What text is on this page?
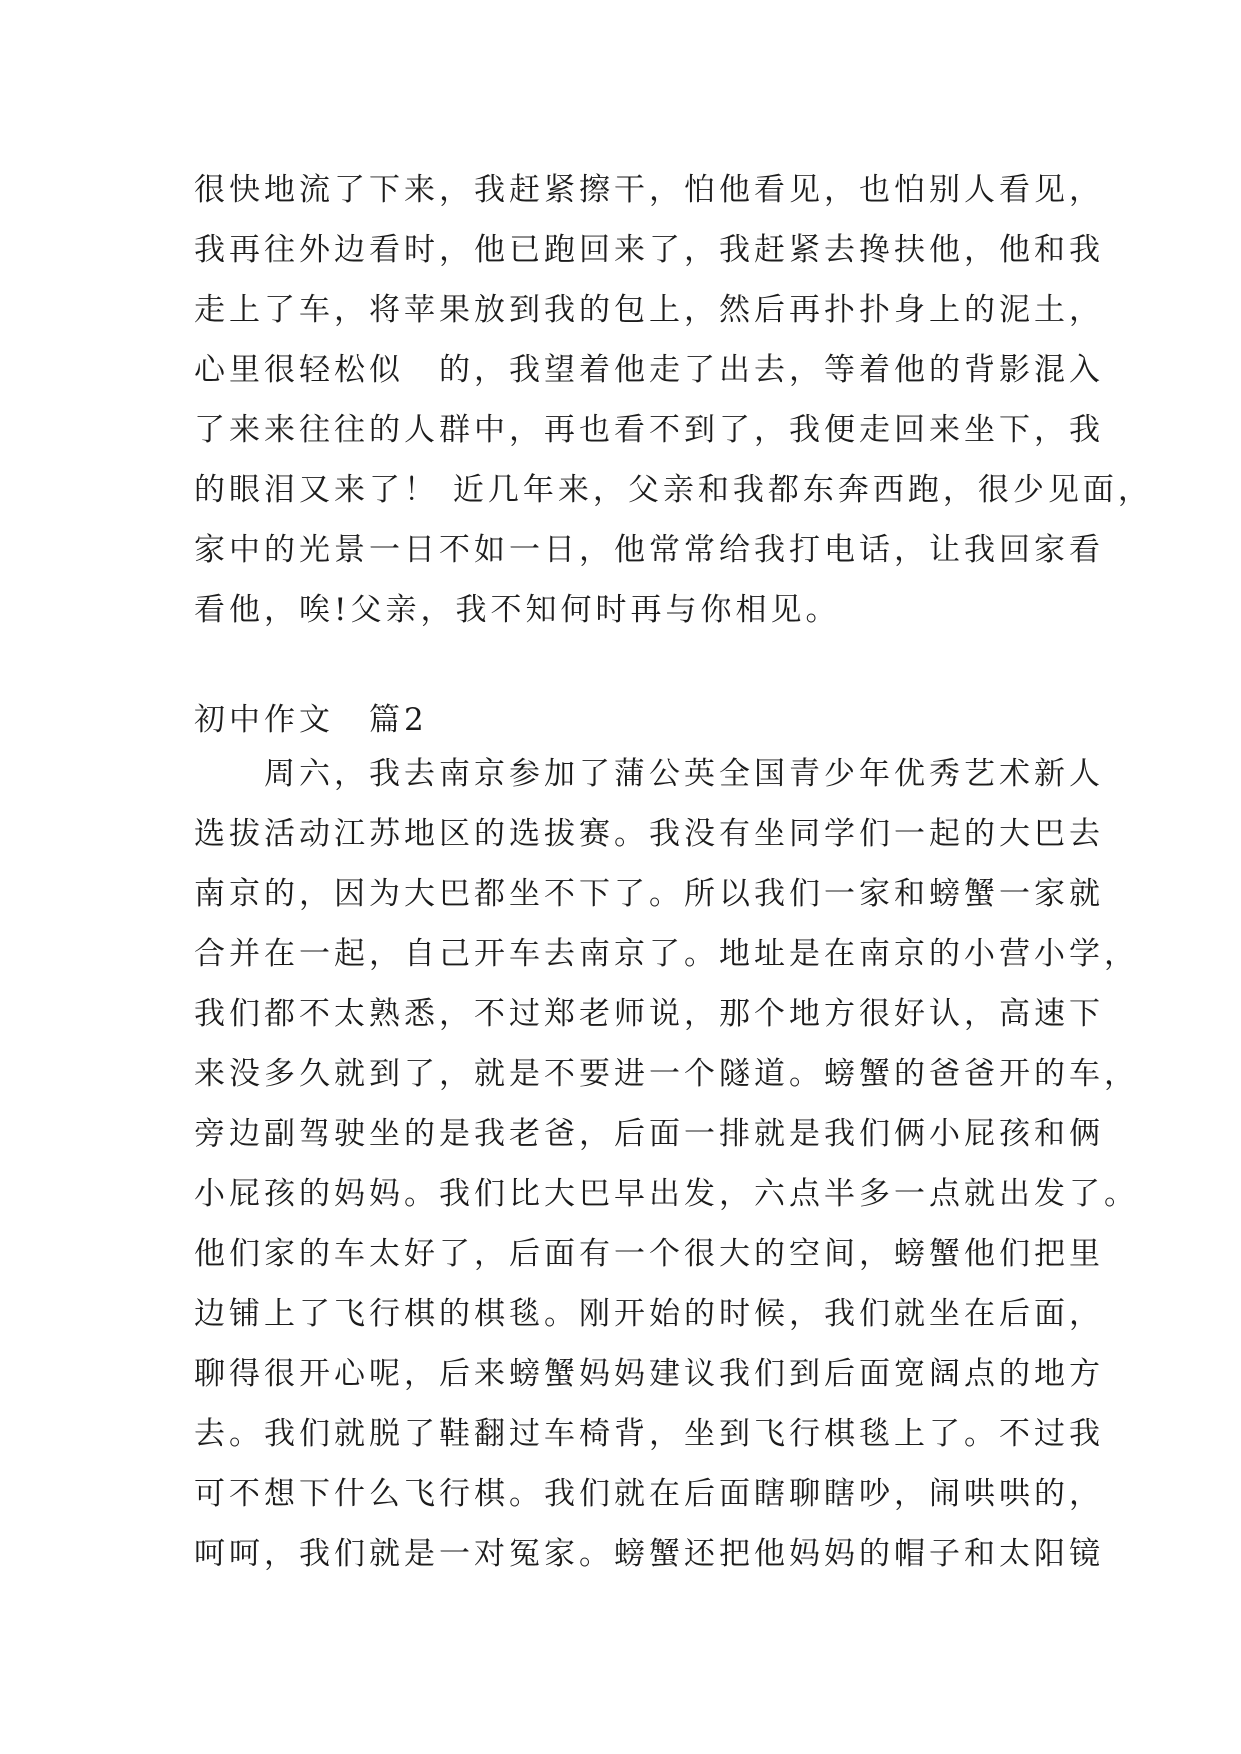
很快地流了下来，我赶紧擦干，怕他看见，也怕别人看见，
我再往外边看时，他已跑回来了，我赶紧去搀扶他，他和我
走上了车，将苹果放到我的包上，然后再扑扑身上的泥土，
心里很轻松似　的，我望着他走了出去，等着他的背影混入
了来来往往的人群中，再也看不到了，我便走回来坐下，我
的眼泪又来了！ 近几年来，父亲和我都东奔西跑，很少见面，
家中的光景一日不如一日，他常常给我打电话，让我回家看
看他，唉!父亲，我不知何时再与你相见。
初中作文　篇2
　　周六，我去南京参加了蒲公英全国青少年优秀艺术新人
选拔活动江苏地区的选拔赛。我没有坐同学们一起的大巴去
南京的，因为大巴都坐不下了。所以我们一家和螃蟹一家就
合并在一起，自己开车去南京了。地址是在南京的小营小学，
我们都不太熟悉，不过郑老师说，那个地方很好认，高速下
来没多久就到了，就是不要进一个隧道。螃蟹的爸爸开的车，
旁边副驾驶坐的是我老爸，后面一排就是我们俩小屁孩和俩
小屁孩的妈妈。我们比大巴早出发，六点半多一点就出发了。
他们家的车太好了，后面有一个很大的空间，螃蟹他们把里
边铺上了飞行棋的棋毯。刚开始的时候，我们就坐在后面，
聊得很开心呢，后来螃蟹妈妈建议我们到后面宽阔点的地方
去。我们就脱了鞋翻过车椅背，坐到飞行棋毯上了。不过我
可不想下什么飞行棋。我们就在后面瞎聊瞎吵，闹哄哄的，
呵呵，我们就是一对冤家。螃蟹还把他妈妈的帽子和太阳镜
